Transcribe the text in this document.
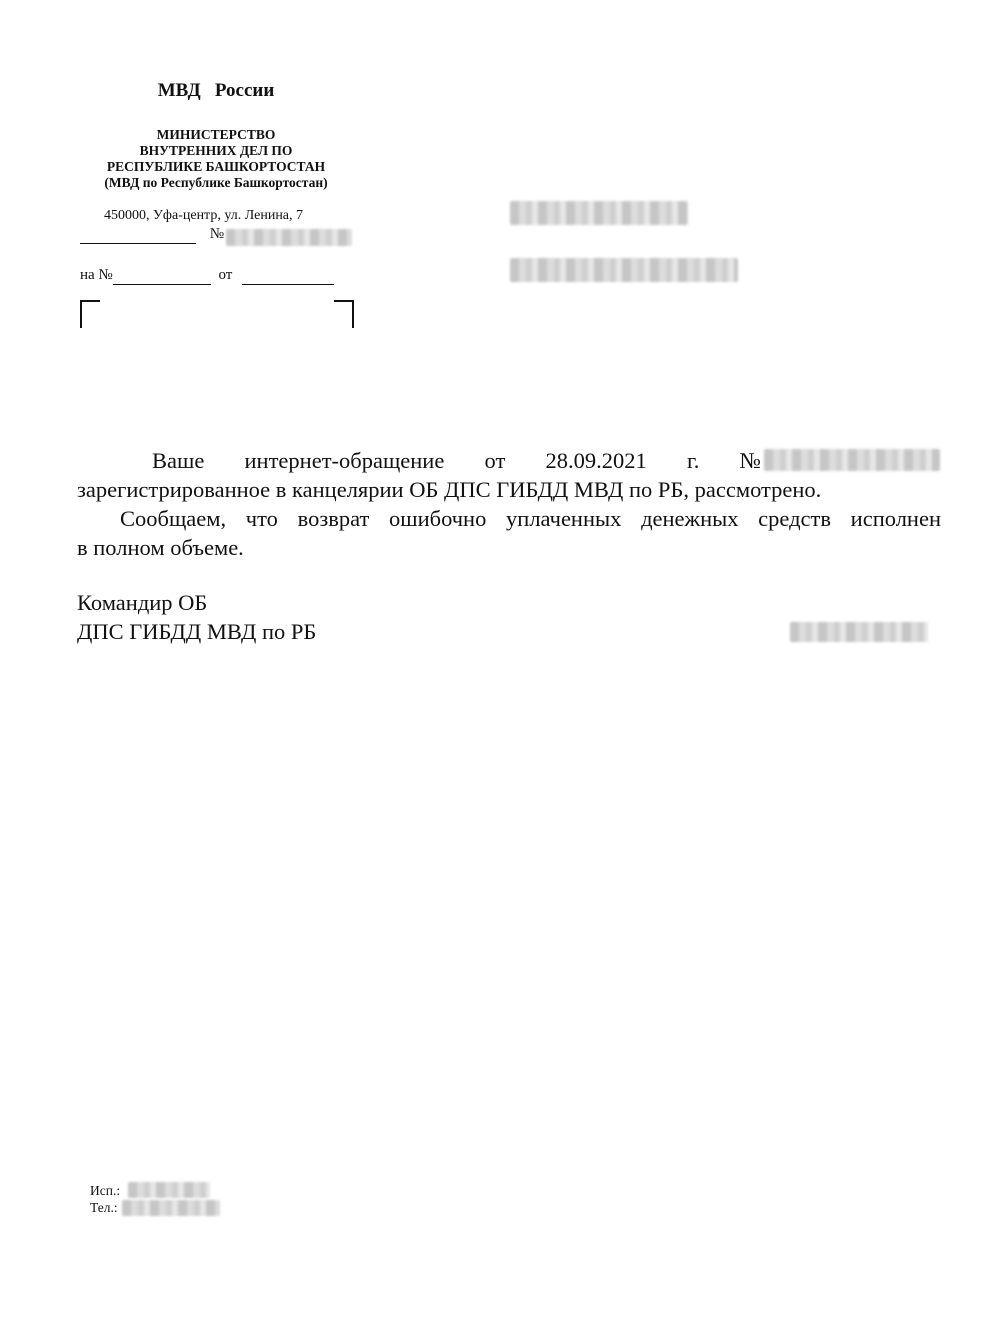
МВД   России
МИНИСТЕРСТВО
ВНУТРЕННИХ ДЕЛ ПО
РЕСПУБЛИКЕ БАШКОРТОСТАН
(МВД по Республике Башкортостан)
450000, Уфа-центр, ул. Ленина, 7
№
на №	от
Ваше интернет-обращение от 28.09.2021 г. №
зарегистрированное в канцелярии ОБ ДПС ГИБДД МВД по РБ, рассмотрено.
Сообщаем, что возврат ошибочно уплаченных денежных средств исполнен
в полном объеме.
Командир ОБ
ДПС ГИБДД МВД по РБ
Исп.:
Тел.:
